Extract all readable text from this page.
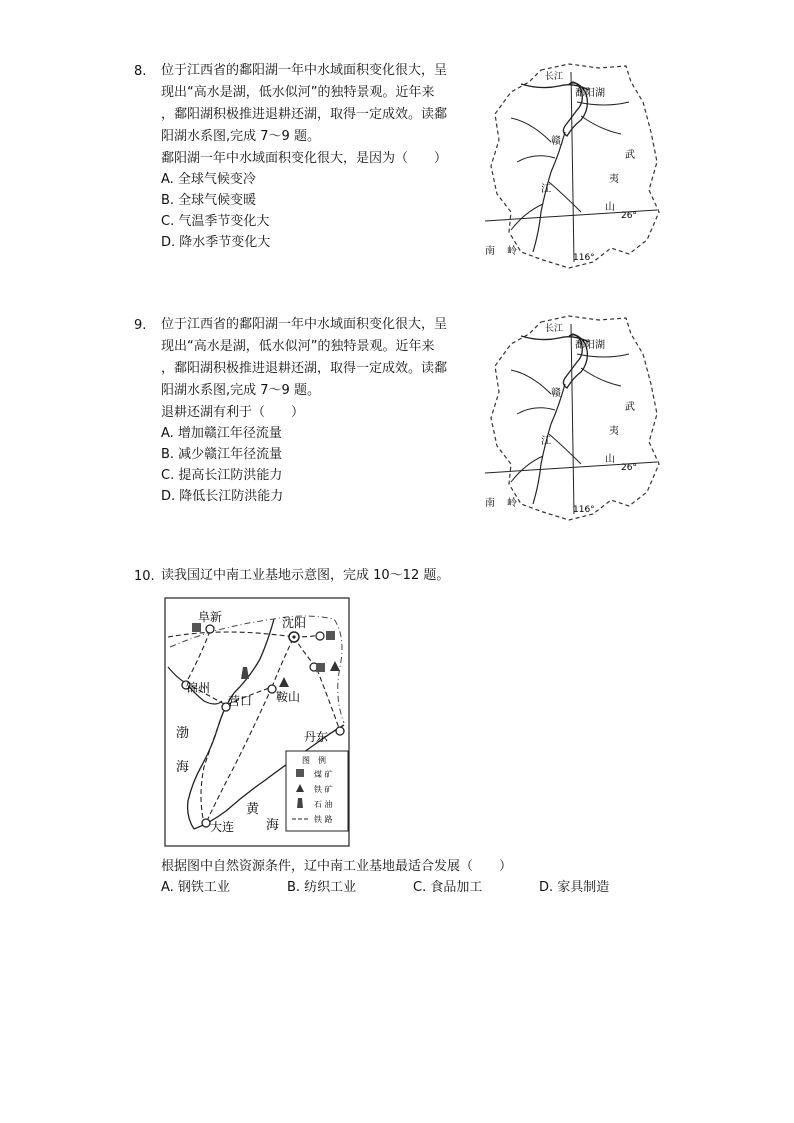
8. 位于江西省的鄱阳湖一年中水域面积变化很大，呈
现出“高水是湖，低水似河”的独特景观。近年来
，鄱阳湖积极推进退耕还湖，取得一定成效。读鄱
阳湖水系图,完成 7～9 题。
鄱阳湖一年中水域面积变化很大，是因为（　　）
A. 全球气候变冷
B. 全球气候变暖
C. 气温季节变化大
D. 降水季节变化大
长江
鄱阳湖
赣
江
武
夷
山
26°
116°
南 岭
9. 位于江西省的鄱阳湖一年中水域面积变化很大，呈
现出“高水是湖，低水似河”的独特景观。近年来
，鄱阳湖积极推进退耕还湖，取得一定成效。读鄱
阳湖水系图,完成 7～9 题。
退耕还湖有利于（　　）
A. 增加赣江年径流量
B. 减少赣江年径流量
C. 提高长江防洪能力
D. 降低长江防洪能力
长江
鄱阳湖
赣
江
武
夷
山
26°
116°
南 岭
10. 读我国辽中南工业基地示意图，完成 10～12 题。
阜新	沈阳
锦州
营口 鞍山
丹东
大连
渤
海
黄
海
图　例
煤 矿
铁 矿
石 油
铁 路
根据图中自然资源条件，辽中南工业基地最适合发展（　　）
A. 钢铁工业	B. 纺织工业	C. 食品加工	D. 家具制造
